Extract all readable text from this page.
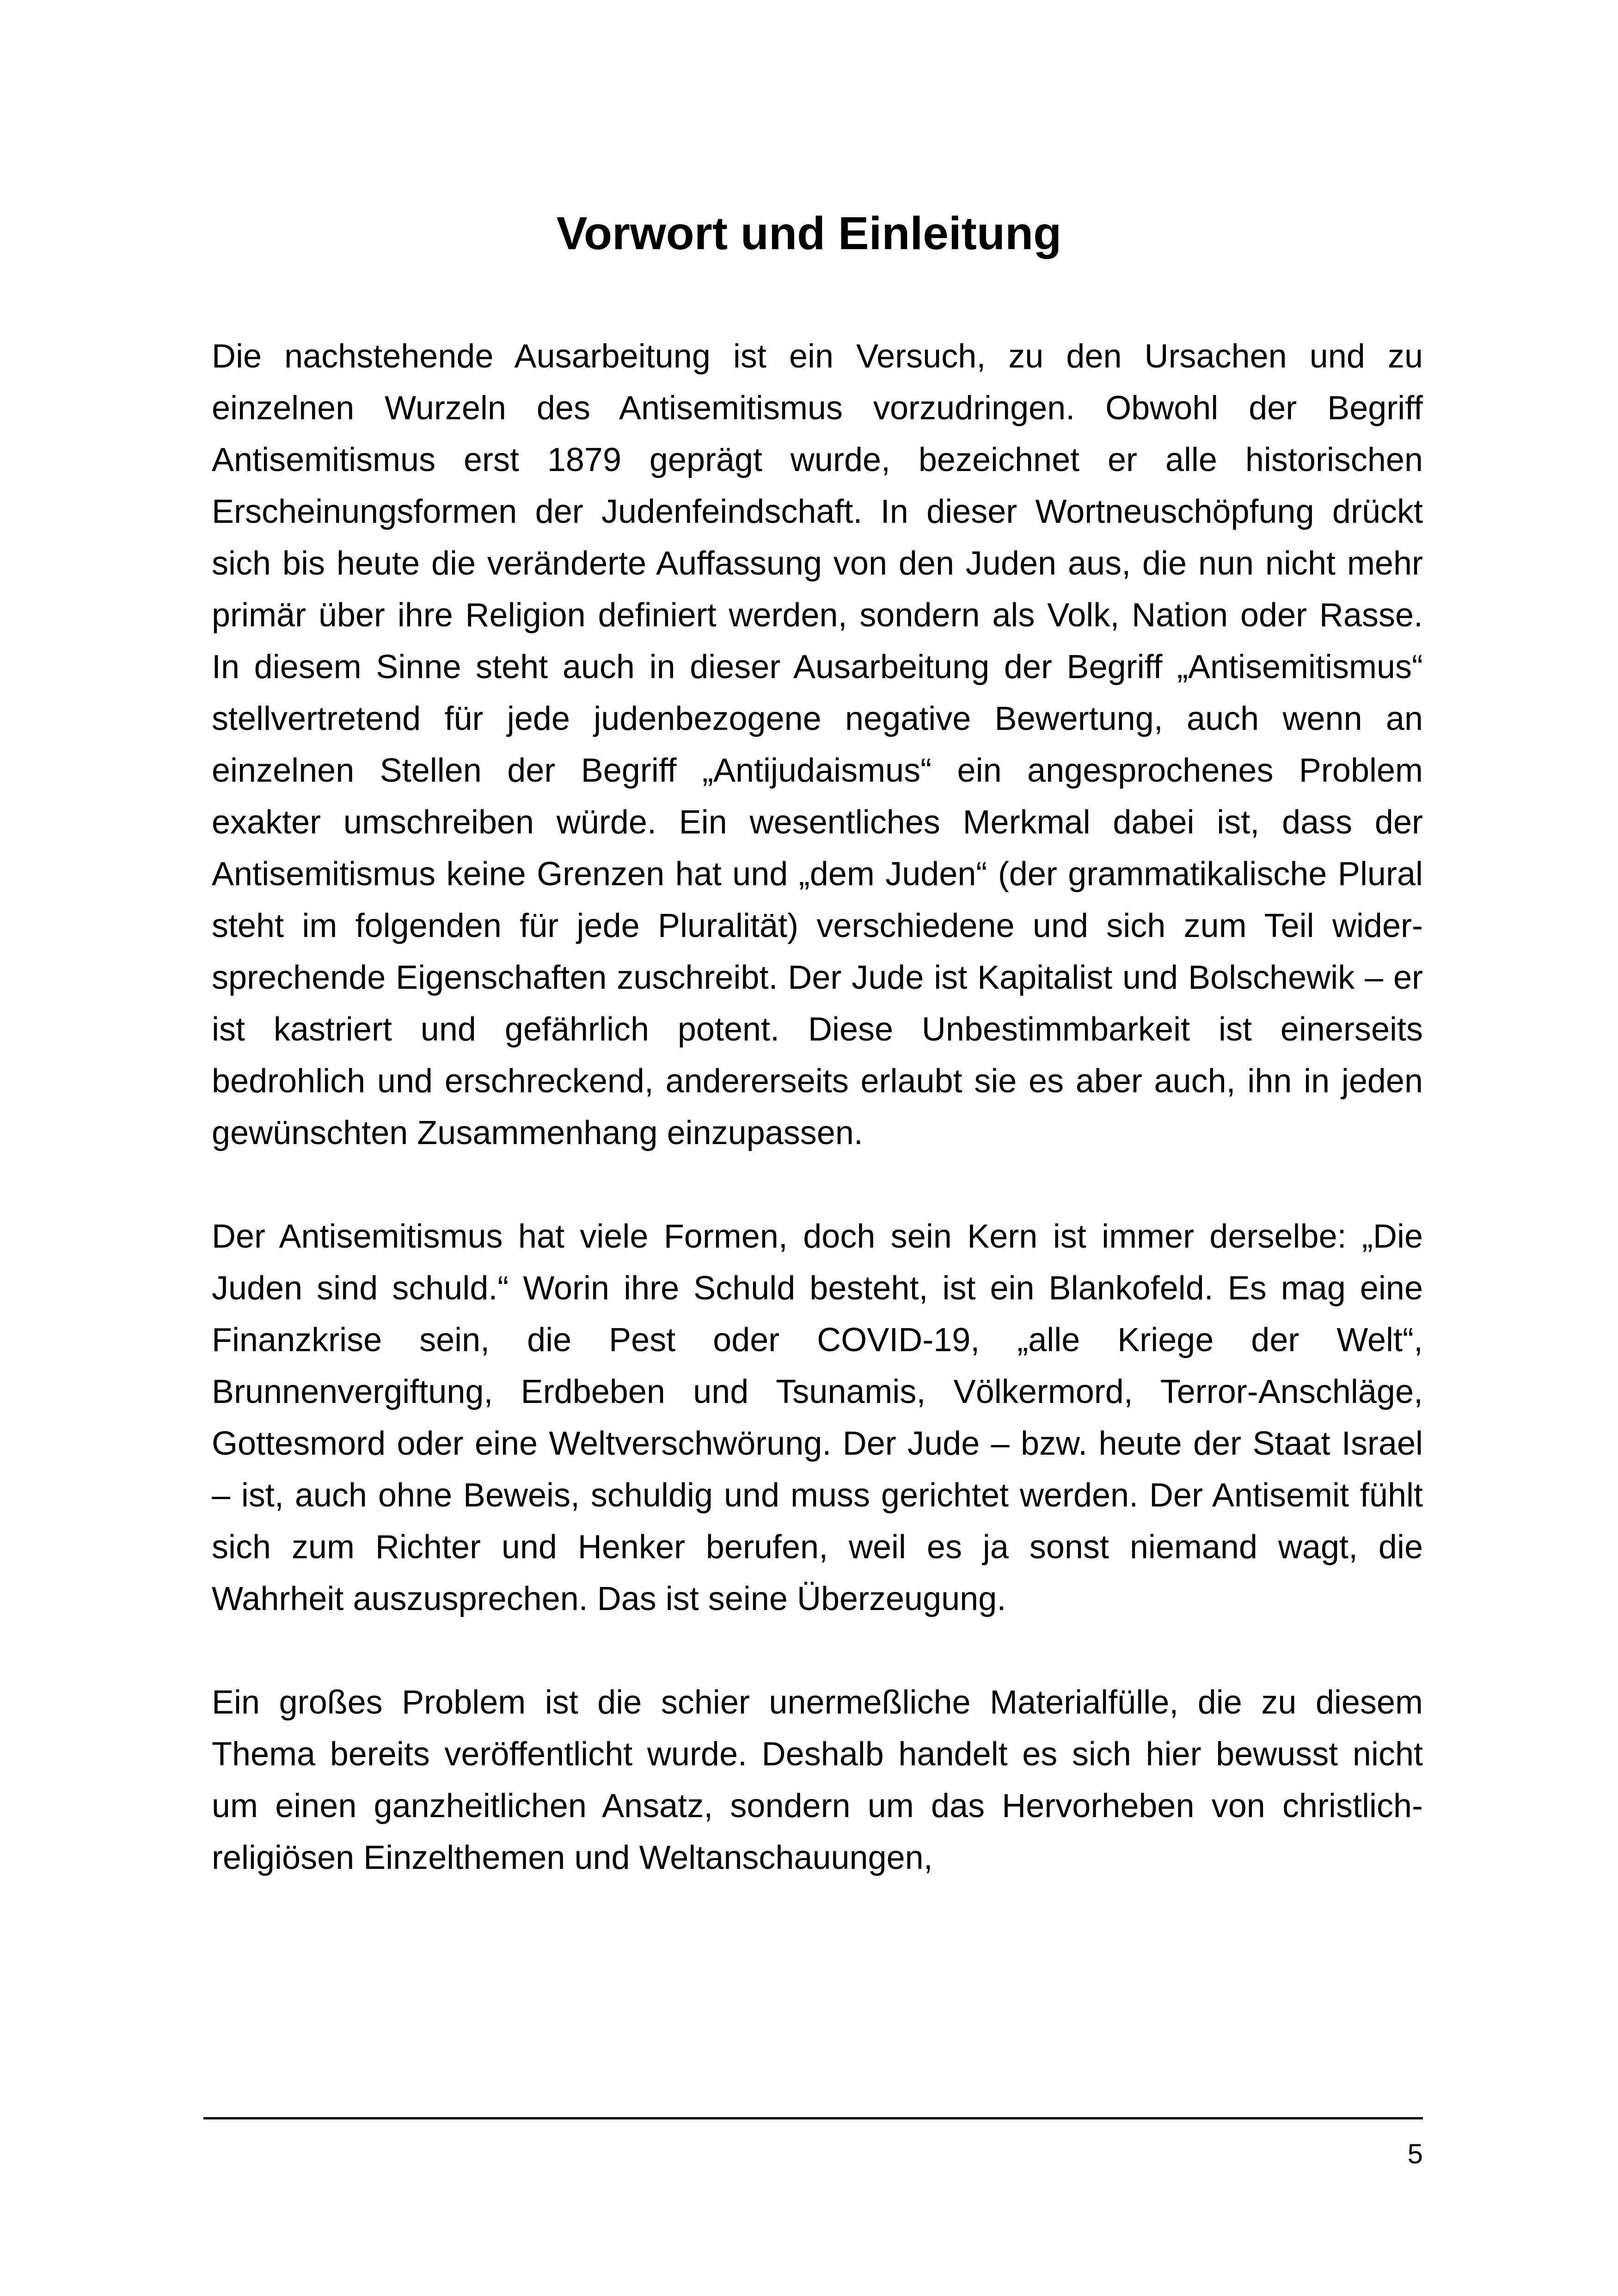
Vorwort und Einleitung

Die nachstehende Ausarbeitung ist ein Versuch, zu den Ursachen und zu einzelnen Wurzeln des Antisemitismus vorzudringen. Obwohl der Begriff Antisemitismus erst 1879 geprägt wurde, bezeichnet er alle historischen Erscheinungsformen der Judenfeindschaft. In dieser Wortneuschöpfung drückt sich bis heute die veränderte Auffassung von den Juden aus, die nun nicht mehr primär über ihre Religion definiert werden, sondern als Volk, Nation oder Rasse. In diesem Sinne steht auch in dieser Ausarbeitung der Begriff „Antisemitismus“ stellvertretend für jede judenbezogene negative Bewertung, auch wenn an einzelnen Stellen der Begriff „Antijudaismus“ ein angesprochenes Problem exakter umschreiben würde. Ein wesentliches Merkmal dabei ist, dass der Antisemitismus keine Grenzen hat und „dem Juden“ (der grammatikalische Plural steht im folgenden für jede Pluralität) verschiedene und sich zum Teil widersprechende Eigenschaften zuschreibt. Der Jude ist Kapitalist und Bolschewik – er ist kastriert und gefährlich potent. Diese Unbestimmbarkeit ist einerseits bedrohlich und erschreckend, andererseits erlaubt sie es aber auch, ihn in jeden gewünschten Zusammenhang einzupassen.

Der Antisemitismus hat viele Formen, doch sein Kern ist immer derselbe: „Die Juden sind schuld.“ Worin ihre Schuld besteht, ist ein Blankofeld. Es mag eine Finanzkrise sein, die Pest oder COVID-19, „alle Kriege der Welt“, Brunnenvergiftung, Erdbeben und Tsunamis, Völkermord, Terror-Anschläge, Gottesmord oder eine Weltverschwörung. Der Jude – bzw. heute der Staat Israel – ist, auch ohne Beweis, schuldig und muss gerichtet werden. Der Antisemit fühlt sich zum Richter und Henker berufen, weil es ja sonst niemand wagt, die Wahrheit auszusprechen. Das ist seine Überzeugung.

Ein großes Problem ist die schier unermeßliche Materialfülle, die zu diesem Thema bereits veröffentlicht wurde. Deshalb handelt es sich hier bewusst nicht um einen ganzheitlichen Ansatz, sondern um das Hervorheben von christlich-religiösen Einzelthemen und Weltanschauungen,

5
